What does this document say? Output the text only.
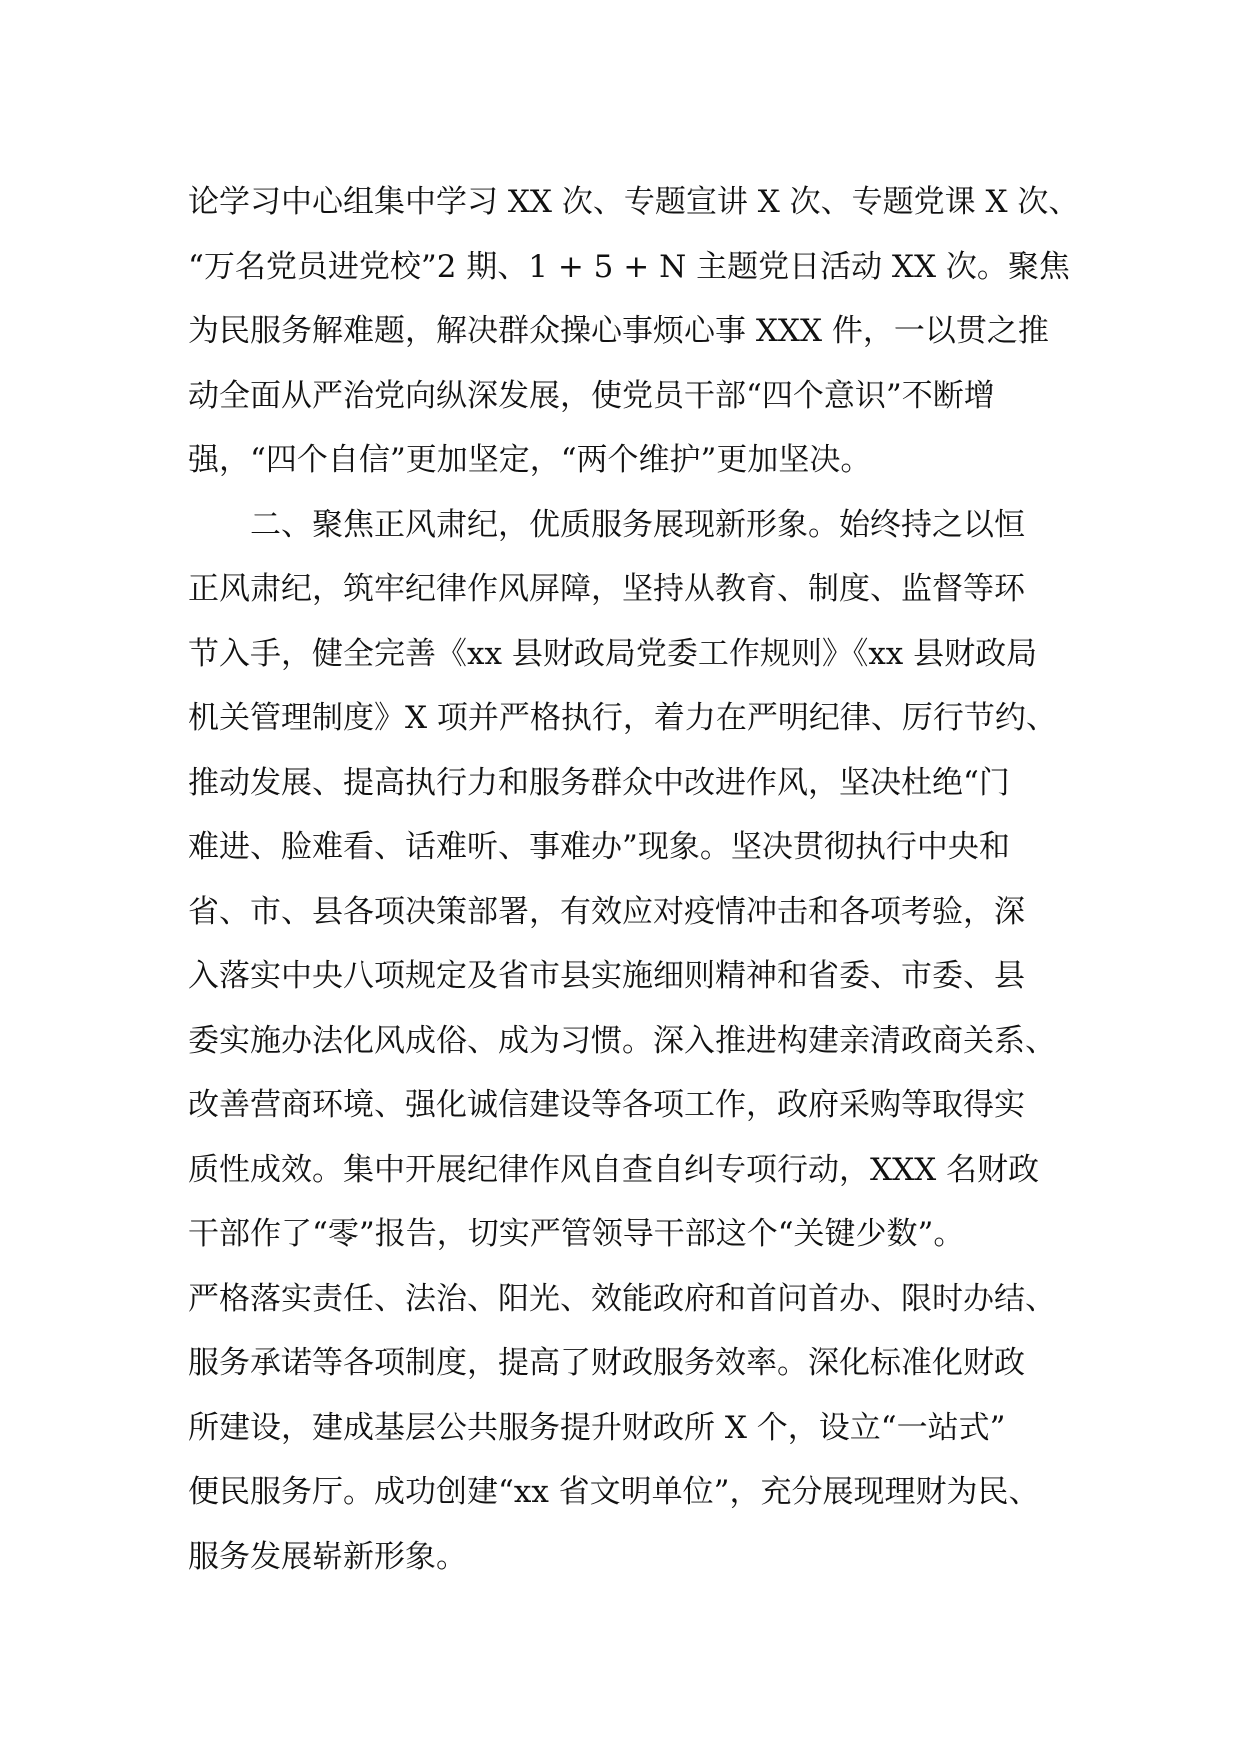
论学习中心组集中学习 XX 次、专题宣讲 X 次、专题党课 X 次、
“万名党员进党校”2 期、1 + 5 + N 主题党日活动 XX 次。聚焦
为民服务解难题，解决群众操心事烦心事 XXX 件，一以贯之推
动全面从严治党向纵深发展，使党员干部“四个意识”不断增
强，“四个自信”更加坚定，“两个维护”更加坚决。
二、聚焦正风肃纪，优质服务展现新形象。始终持之以恒
正风肃纪，筑牢纪律作风屏障，坚持从教育、制度、监督等环
节入手，健全完善《xx 县财政局党委工作规则》《xx 县财政局
机关管理制度》X 项并严格执行，着力在严明纪律、厉行节约、
推动发展、提高执行力和服务群众中改进作风，坚决杜绝“门
难进、脸难看、话难听、事难办”现象。坚决贯彻执行中央和
省、市、县各项决策部署，有效应对疫情冲击和各项考验，深
入落实中央八项规定及省市县实施细则精神和省委、市委、县
委实施办法化风成俗、成为习惯。深入推进构建亲清政商关系、
改善营商环境、强化诚信建设等各项工作，政府采购等取得实
质性成效。集中开展纪律作风自查自纠专项行动，XXX 名财政
干部作了“零”报告，切实严管领导干部这个“关键少数”。
严格落实责任、法治、阳光、效能政府和首问首办、限时办结、
服务承诺等各项制度，提高了财政服务效率。深化标准化财政
所建设，建成基层公共服务提升财政所 X 个，设立“一站式”
便民服务厅。成功创建“xx 省文明单位”，充分展现理财为民、
服务发展崭新形象。
